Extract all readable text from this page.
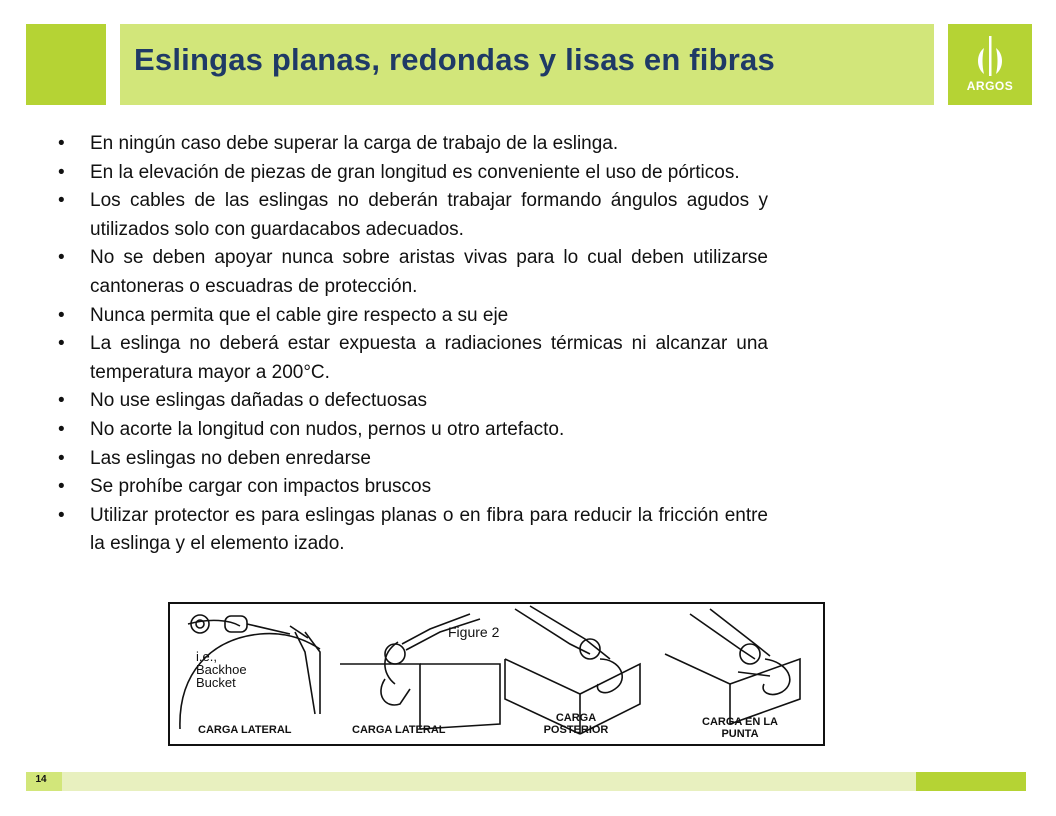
Eslingas planas, redondas y lisas en fibras
ARGOS
• En ningún caso debe superar la carga de trabajo de la eslinga.
• En la elevación de piezas de gran longitud es conveniente el uso de pórticos.
• Los cables de las eslingas no deberán trabajar formando ángulos agudos y utilizados solo con guardacabos adecuados.
• No se deben apoyar nunca sobre aristas vivas para lo cual deben utilizarse cantoneras o escuadras de protección.
• Nunca permita que el cable gire respecto a su eje
• La eslinga no deberá estar expuesta a radiaciones térmicas ni alcanzar una temperatura mayor a 200°C.
• No use eslingas dañadas o defectuosas
• No acorte la longitud con nudos, pernos u otro artefacto.
• Las eslingas no deben enredarse
• Se prohíbe cargar con impactos bruscos
• Utilizar protector es para eslingas planas o en fibra para reducir la fricción entre la eslinga y el elemento izado.
i.e.,
Backhoe
Bucket
Figure 2
CARGA LATERAL	CARGA LATERAL
CARGA
POSTERIOR
CARGA EN LA
PUNTA
14
